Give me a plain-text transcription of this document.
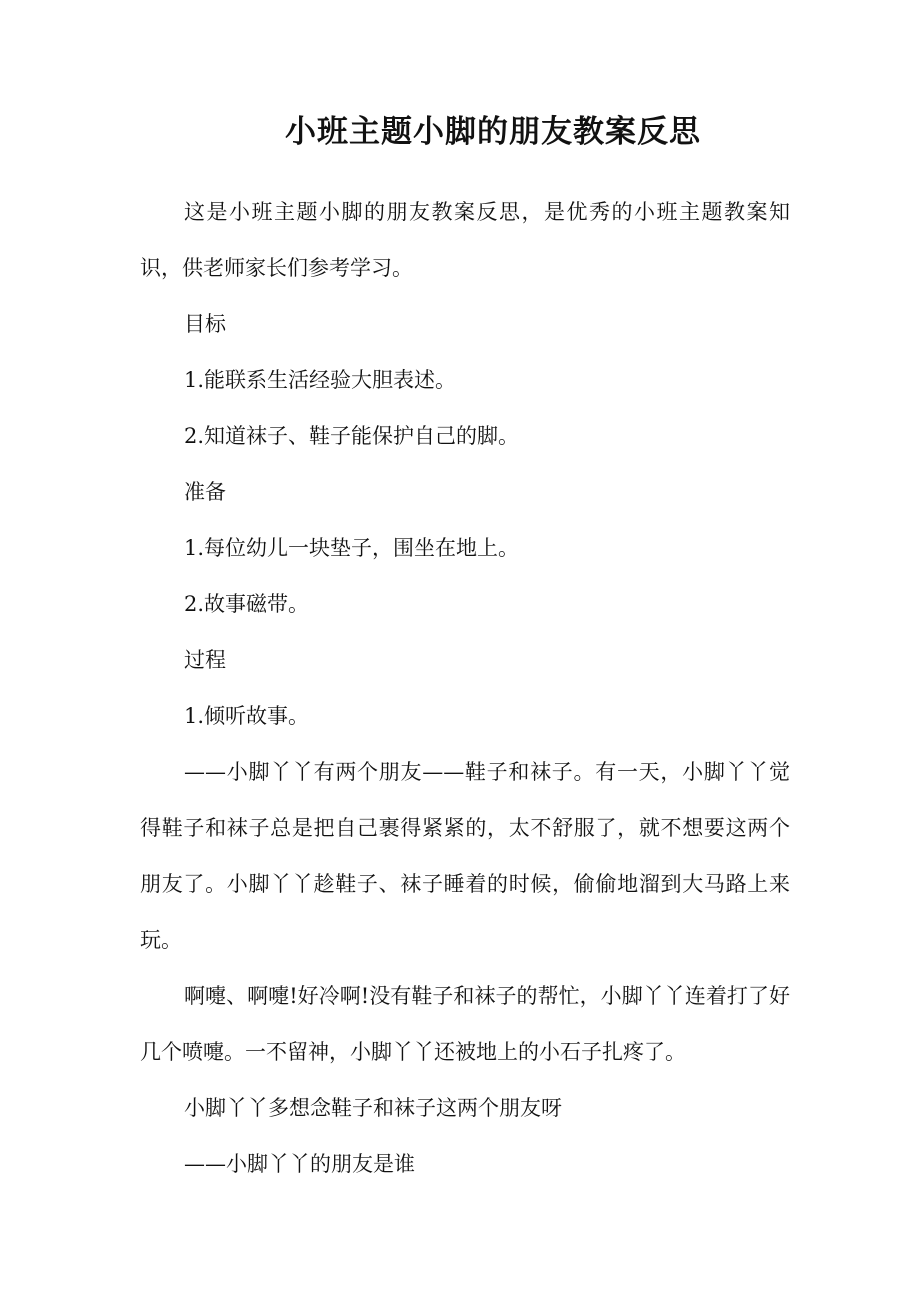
小班主题小脚的朋友教案反思

这是小班主题小脚的朋友教案反思，是优秀的小班主题教案知识，供老师家长们参考学习。

目标

1.能联系生活经验大胆表述。

2.知道袜子、鞋子能保护自己的脚。

准备

1.每位幼儿一块垫子，围坐在地上。

2.故事磁带。

过程

1.倾听故事。

——小脚丫丫有两个朋友——鞋子和袜子。有一天，小脚丫丫觉得鞋子和袜子总是把自己裹得紧紧的，太不舒服了，就不想要这两个朋友了。小脚丫丫趁鞋子、袜子睡着的时候，偷偷地溜到大马路上来玩。

啊嚏、啊嚏!好冷啊!没有鞋子和袜子的帮忙，小脚丫丫连着打了好几个喷嚏。一不留神，小脚丫丫还被地上的小石子扎疼了。

小脚丫丫多想念鞋子和袜子这两个朋友呀

——小脚丫丫的朋友是谁
